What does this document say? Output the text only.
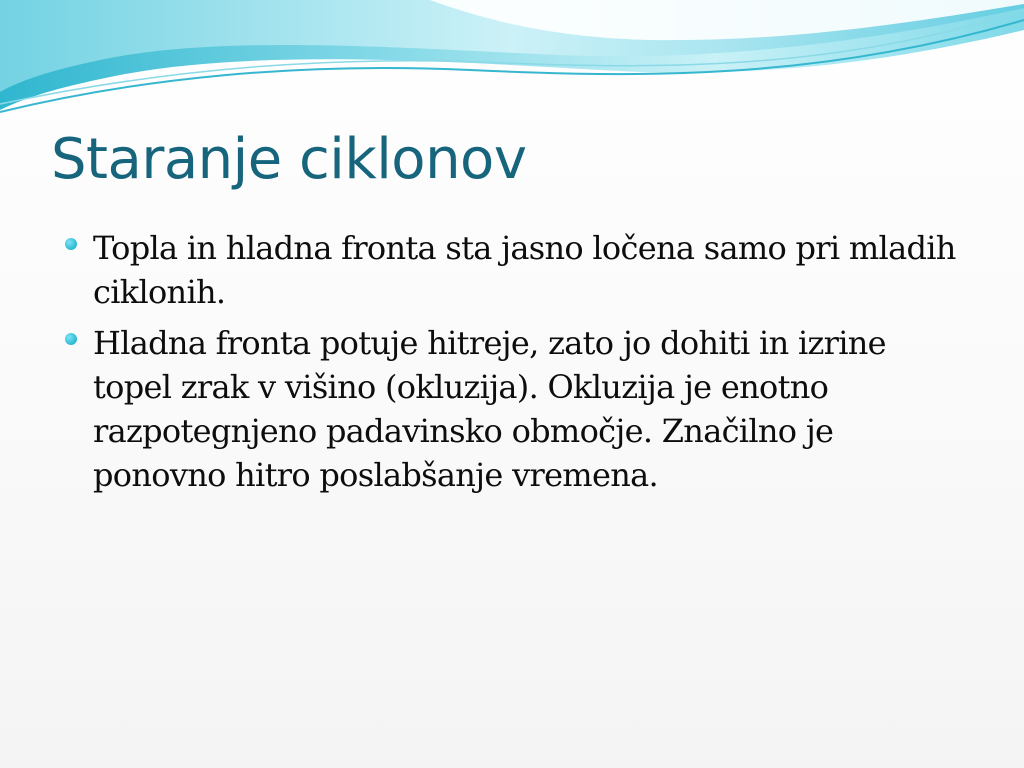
Staranje ciklonov
Topla in hladna fronta sta jasno ločena samo pri mladih ciklonih.
Hladna fronta potuje hitreje, zato jo dohiti in izrine topel zrak v višino (okluzija). Okluzija je enotno razpotegnjeno padavinsko območje. Značilno je ponovno hitro poslabšanje vremena.
